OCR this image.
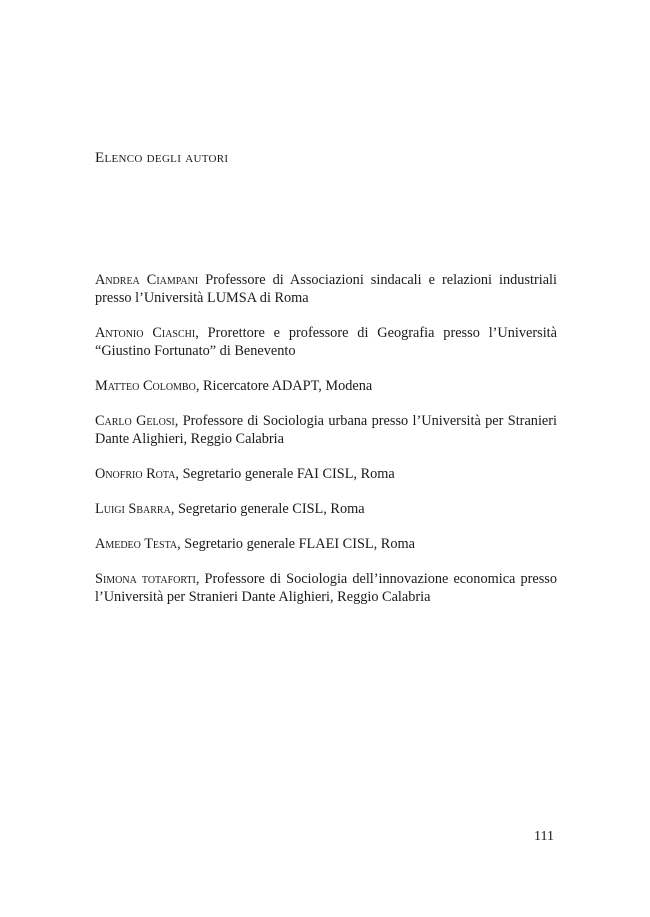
Elenco degli autori
Andrea Ciampani Professore di Associazioni sindacali e relazioni industriali presso l’Università LUMSA di Roma
Antonio Ciaschi, Prorettore e professore di Geografia presso l’Università “Giustino Fortunato” di Benevento
Matteo Colombo, Ricercatore ADAPT, Modena
Carlo Gelosi, Professore di Sociologia urbana presso l’Università per Stranieri Dante Alighieri, Reggio Calabria
Onofrio Rota, Segretario generale FAI CISL, Roma
Luigi Sbarra, Segretario generale CISL, Roma
Amedeo Testa, Segretario generale FLAEI CISL, Roma
Simona totaforti, Professore di Sociologia dell’innovazione economica presso l’Università per Stranieri Dante Alighieri, Reggio Calabria
111
